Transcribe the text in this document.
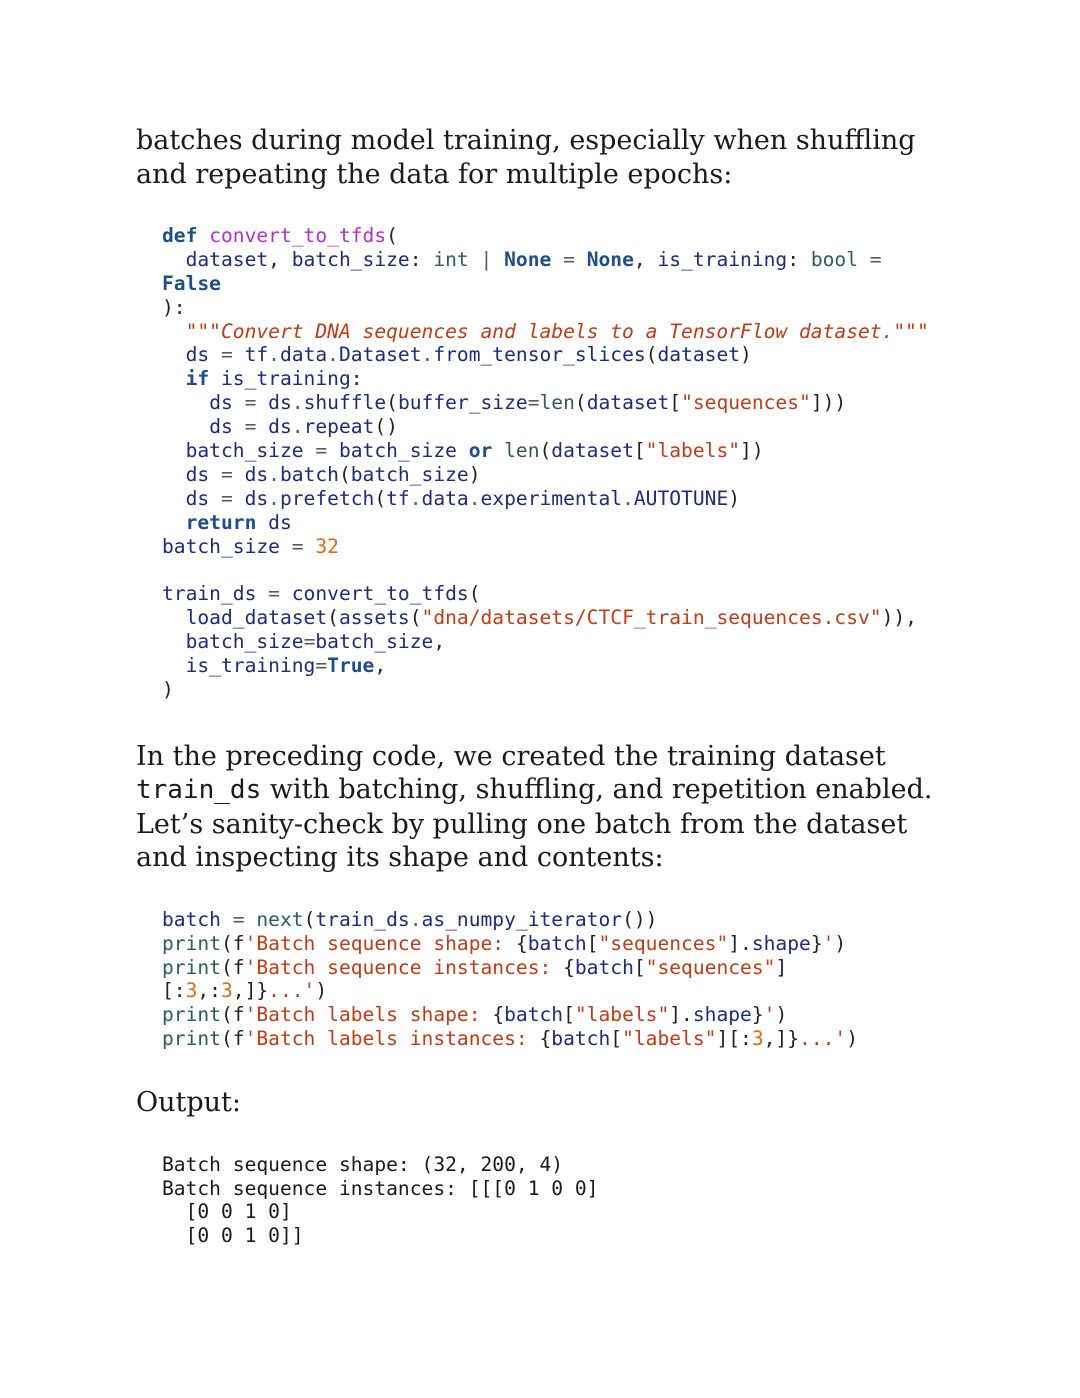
batches during model training, especially when shuffling
and repeating the data for multiple epochs:

def convert_to_tfds(
dataset, batch_size: int | None = None, is_training: bool =
False
):
"""Convert DNA sequences and labels to a TensorFlow dataset."""
ds = tf.data.Dataset.from_tensor_slices(dataset)
if is_training:
ds = ds.shuffle(buffer_size=len(dataset["sequences"]))
ds = ds.repeat()
batch_size = batch_size or len(dataset["labels"])
ds = ds.batch(batch_size)
ds = ds.prefetch(tf.data.experimental.AUTOTUNE)
return ds
batch_size = 32

train_ds = convert_to_tfds(
load_dataset(assets("dna/datasets/CTCF_train_sequences.csv")),
batch_size=batch_size,
is_training=True,
)

In the preceding code, we created the training dataset
train_ds with batching, shuffling, and repetition enabled.
Let’s sanity-check by pulling one batch from the dataset
and inspecting its shape and contents:

batch = next(train_ds.as_numpy_iterator())
print(f'Batch sequence shape: {batch["sequences"].shape}')
print(f'Batch sequence instances: {batch["sequences"]
[:3,:3,]}...')
print(f'Batch labels shape: {batch["labels"].shape}')
print(f'Batch labels instances: {batch["labels"][:3,]}...')

Output:

Batch sequence shape: (32, 200, 4)
Batch sequence instances: [[[0 1 0 0]
[0 0 1 0]
[0 0 1 0]]
